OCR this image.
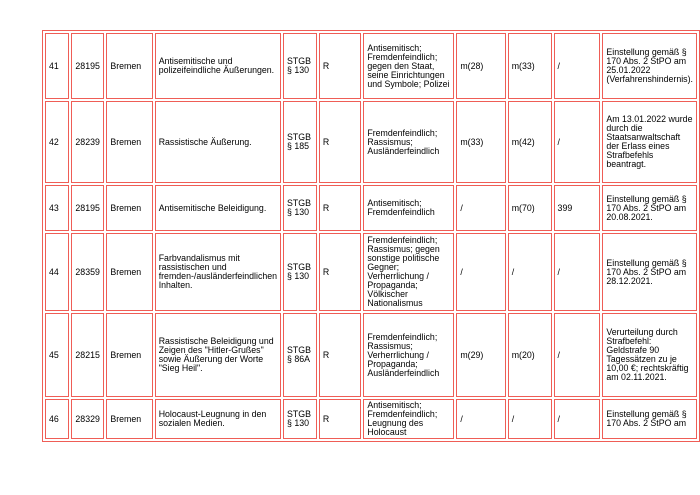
41	28195	Bremen	Antisemitische und polizeifeindliche Äußerungen.	STGB § 130	R	Antisemitisch; Fremdenfeindlich; gegen den Staat, seine Einrichtungen und Symbole; Polizei	m(28)	m(33)	/	Einstellung gemäß § 170 Abs. 2 StPO am 25.01.2022 (Verfahrenshindernis).
42	28239	Bremen	Rassistische Äußerung.	STGB § 185	R	Fremdenfeindlich; Rassismus; Ausländerfeindlich	m(33)	m(42)	/	Am 13.01.2022 wurde durch die Staatsanwaltschaft der Erlass eines Strafbefehls beantragt.
43	28195	Bremen	Antisemitische Beleidigung.	STGB § 130	R	Antisemitisch; Fremdenfeindlich	/	m(70)	399	Einstellung gemäß § 170 Abs. 2 StPO am 20.08.2021.
44	28359	Bremen	Farbvandalismus mit rassistischen und fremden-/ausländerfeindlichen Inhalten.	STGB § 130	R	Fremdenfeindlich; Rassismus; gegen sonstige politische Gegner; Verherrlichung / Propaganda; Völkischer Nationalismus	/	/	/	Einstellung gemäß § 170 Abs. 2 StPO am 28.12.2021.
45	28215	Bremen	Rassistische Beleidigung und Zeigen des "Hitler-Grußes" sowie Äußerung der Worte "Sieg Heil".	STGB § 86A	R	Fremdenfeindlich; Rassismus; Verherrlichung / Propaganda; Ausländerfeindlich	m(29)	m(20)	/	Verurteilung durch Strafbefehl: Geldstrafe 90 Tagessätzen zu je 10,00 €; rechtskräftig am 02.11.2021.
46	28329	Bremen	Holocaust-Leugnung in den sozialen Medien.	STGB § 130	R	Antisemitisch; Fremdenfeindlich; Leugnung des Holocaust	/	/	/	Einstellung gemäß § 170 Abs. 2 StPO am
